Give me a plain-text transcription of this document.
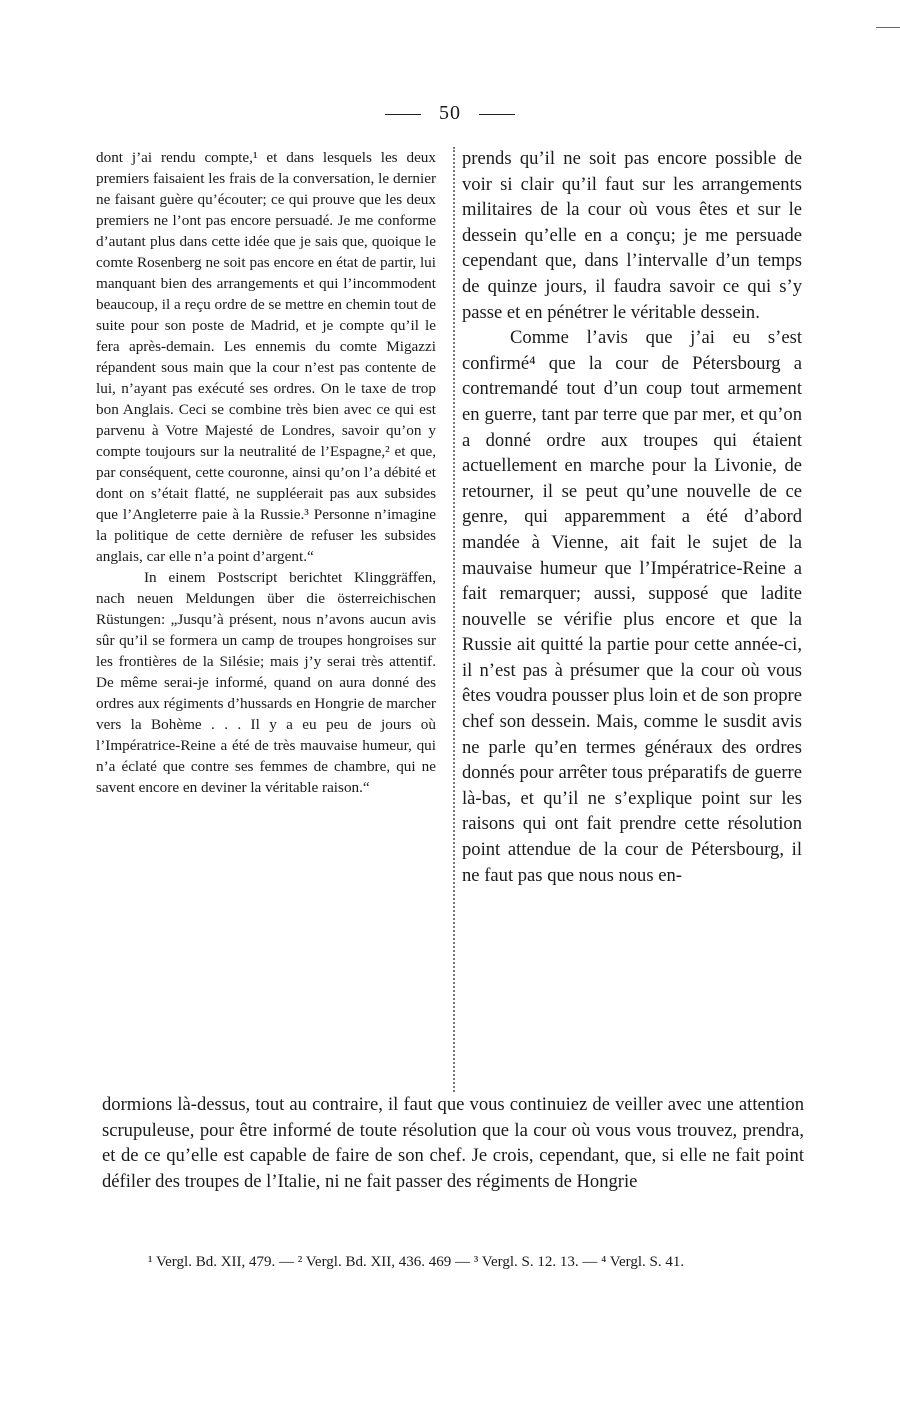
50

dont j’ai rendu compte,¹ et dans lesquels les deux premiers faisaient les frais de la conversation, le dernier ne faisant guère qu’écouter; ce qui prouve que les deux premiers ne l’ont pas encore persuadé. Je me conforme d’autant plus dans cette idée que je sais que, quoique le comte Rosenberg ne soit pas encore en état de partir, lui manquant bien des arrangements et qui l’incommodent beaucoup, il a reçu ordre de se mettre en chemin tout de suite pour son poste de Madrid, et je compte qu’il le fera après-demain. Les ennemis du comte Migazzi répandent sous main que la cour n’est pas contente de lui, n’ayant pas exécuté ses ordres. On le taxe de trop bon Anglais. Ceci se combine très bien avec ce qui est parvenu à Votre Majesté de Londres, savoir qu’on y compte toujours sur la neutralité de l’Espagne,² et que, par conséquent, cette couronne, ainsi qu’on l’a débité et dont on s’était flatté, ne suppléerait pas aux subsides que l’Angleterre paie à la Russie.³ Personne n’imagine la politique de cette dernière de refuser les subsides anglais, car elle n’a point d’argent.“

In einem Postscript berichtet Klinggräffen, nach neuen Meldungen über die österreichischen Rüstungen: „Jusqu’à présent, nous n’avons aucun avis sûr qu’il se formera un camp de troupes hongroises sur les frontières de la Silésie; mais j’y serai très attentif. De même serai-je informé, quand on aura donné des ordres aux régiments d’hussards en Hongrie de marcher vers la Bohème . . . Il y a eu peu de jours où l’Impératrice-Reine a été de très mauvaise humeur, qui n’a éclaté que contre ses femmes de chambre, qui ne savent encore en deviner la véritable raison.“

prends qu’il ne soit pas encore possible de voir si clair qu’il faut sur les arrangements militaires de la cour où vous êtes et sur le dessein qu’elle en a conçu; je me persuade cependant que, dans l’intervalle d’un temps de quinze jours, il faudra savoir ce qui s’y passe et en pénétrer le véritable dessein.

Comme l’avis que j’ai eu s’est confirmé⁴ que la cour de Pétersbourg a contremandé tout d’un coup tout armement en guerre, tant par terre que par mer, et qu’on a donné ordre aux troupes qui étaient actuellement en marche pour la Livonie, de retourner, il se peut qu’une nouvelle de ce genre, qui apparemment a été d’abord mandée à Vienne, ait fait le sujet de la mauvaise humeur que l’Impératrice-Reine a fait remarquer; aussi, supposé que ladite nouvelle se vérifie plus encore et que la Russie ait quitté la partie pour cette année-ci, il n’est pas à présumer que la cour où vous êtes voudra pousser plus loin et de son propre chef son dessein. Mais, comme le susdit avis ne parle qu’en termes généraux des ordres donnés pour arrêter tous préparatifs de guerre là-bas, et qu’il ne s’explique point sur les raisons qui ont fait prendre cette résolution point attendue de la cour de Pétersbourg, il ne faut pas que nous nous en-

dormions là-dessus, tout au contraire, il faut que vous continuiez de veiller avec une attention scrupuleuse, pour être informé de toute résolution que la cour où vous vous trouvez, prendra, et de ce qu’elle est capable de faire de son chef. Je crois, cependant, que, si elle ne fait point défiler des troupes de l’Italie, ni ne fait passer des régiments de Hongrie

¹ Vergl. Bd. XII, 479. — ² Vergl. Bd. XII, 436. 469 — ³ Vergl. S. 12. 13. — ⁴ Vergl. S. 41.
